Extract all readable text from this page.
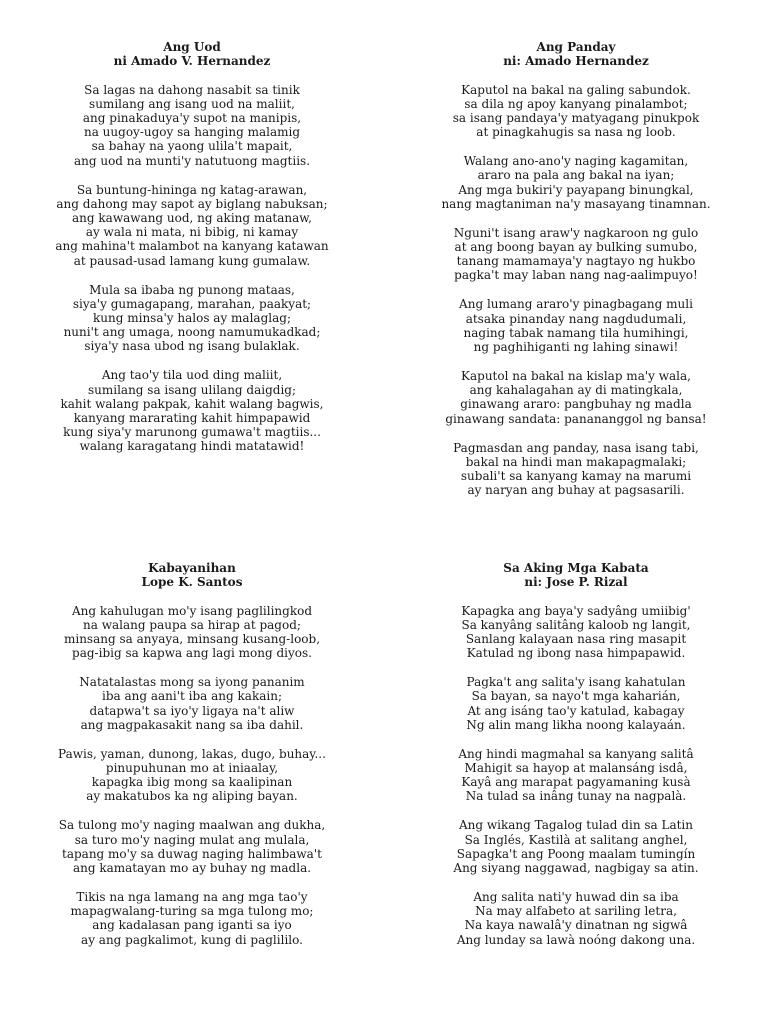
Ang Uod
ni Amado V. Hernandez
Sa lagas na dahong nasabit sa tinik
sumilang ang isang uod na maliit,
ang pinakaduya'y supot na manipis,
na uugoy-ugoy sa hanging malamig
sa bahay na yaong ulila't mapait,
ang uod na munti'y natutuong magtiis.
Sa buntung-hininga ng katag-arawan,
ang dahong may sapot ay biglang nabuksan;
ang kawawang uod, ng aking matanaw,
ay wala ni mata, ni bibig, ni kamay
ang mahina't malambot na kanyang katawan
at pausad-usad lamang kung gumalaw.
Mula sa ibaba ng punong mataas,
siya'y gumagapang, marahan, paakyat;
kung minsa'y halos ay malaglag;
nuni't ang umaga, noong namumukadkad;
siya'y nasa ubod ng isang bulaklak.
Ang tao'y tila uod ding maliit,
sumilang sa isang ulilang daigdig;
kahit walang pakpak, kahit walang bagwis,
kanyang mararating kahit himpapawid
kung siya'y marunong gumawa't magtiis...
walang karagatang hindi matatawid!
Ang Panday
ni: Amado Hernandez
Kaputol na bakal na galing sabundok.
sa dila ng apoy kanyang pinalambot;
sa isang pandaya'y matyagang pinukpok
at pinagkahugis sa nasa ng loob.
Walang ano-ano'y naging kagamitan,
araro na pala ang bakal na iyan;
Ang mga bukiri'y payapang binungkal,
nang magtaniman na'y masayang tinamnan.
Nguni't isang araw'y nagkaroon ng gulo
at ang boong bayan ay bulking sumubo,
tanang mamamaya'y nagtayo ng hukbo
pagka't may laban nang nag-aalimpuyo!
Ang lumang araro'y pinagbagang muli
atsaka pinanday nang nagdudumali,
naging tabak namang tila humihingi,
ng paghihiganti ng lahing sinawi!
Kaputol na bakal na kislap ma'y wala,
ang kahalagahan ay di matingkala,
ginawang araro: pangbuhay ng madla
ginawang sandata: panananggol ng bansa!
Pagmasdan ang panday, nasa isang tabi,
bakal na hindi man makapagmalaki;
subali't sa kanyang kamay na marumi
ay naryan ang buhay at pagsasarili.
Kabayanihan
Lope K. Santos
Ang kahulugan mo'y isang paglilingkod
na walang paupa sa hirap at pagod;
minsang sa anyaya, minsang kusang-loob,
pag-ibig sa kapwa ang lagi mong diyos.
Natatalastas mong sa iyong pananim
iba ang aani't iba ang kakain;
datapwa't sa iyo'y ligaya na't aliw
ang magpakasakit nang sa iba dahil.
Pawis, yaman, dunong, lakas, dugo, buhay...
pinupuhunan mo at iniaalay,
kapagka ibig mong sa kaalipinan
ay makatubos ka ng aliping bayan.
Sa tulong mo'y naging maalwan ang dukha,
sa turo mo'y naging mulat ang mulala,
tapang mo'y sa duwag naging halimbawa't
ang kamatayan mo ay buhay ng madla.
Tikis na nga lamang na ang mga tao'y
mapagwalang-turing sa mga tulong mo;
ang kadalasan pang iganti sa iyo
ay ang pagkalimot, kung di paglililo.
Sa Aking Mga Kabata
ni: Jose P. Rizal
Kapagka ang baya'y sadyâng umiibig'
Sa kanyâng salitâng kaloob ng langit,
Sanlang kalayaan nasa ring masapit
Katulad ng ibong nasa himpapawid.
Pagka't ang salita'y isang kahatulan
Sa bayan, sa nayo't mga kaharián,
At ang isáng tao'y katulad, kabagay
Ng alin mang likha noong kalayaán.
Ang hindi magmahal sa kanyang salitâ
Mahigit sa hayop at malansáng isdâ,
Kayâ ang marapat pagyamaning kusà
Na tulad sa inâng tunay na nagpalà.
Ang wikang Tagalog tulad din sa Latin
Sa Inglés, Kastilà at salitang anghel,
Sapagka't ang Poong maalam tumingín
Ang siyang naggawad, nagbigay sa atin.
Ang salita nati'y huwad din sa iba
Na may alfabeto at sariling letra,
Na kaya nawalâ'y dinatnan ng sigwâ
Ang lunday sa lawà noóng dakong una.
